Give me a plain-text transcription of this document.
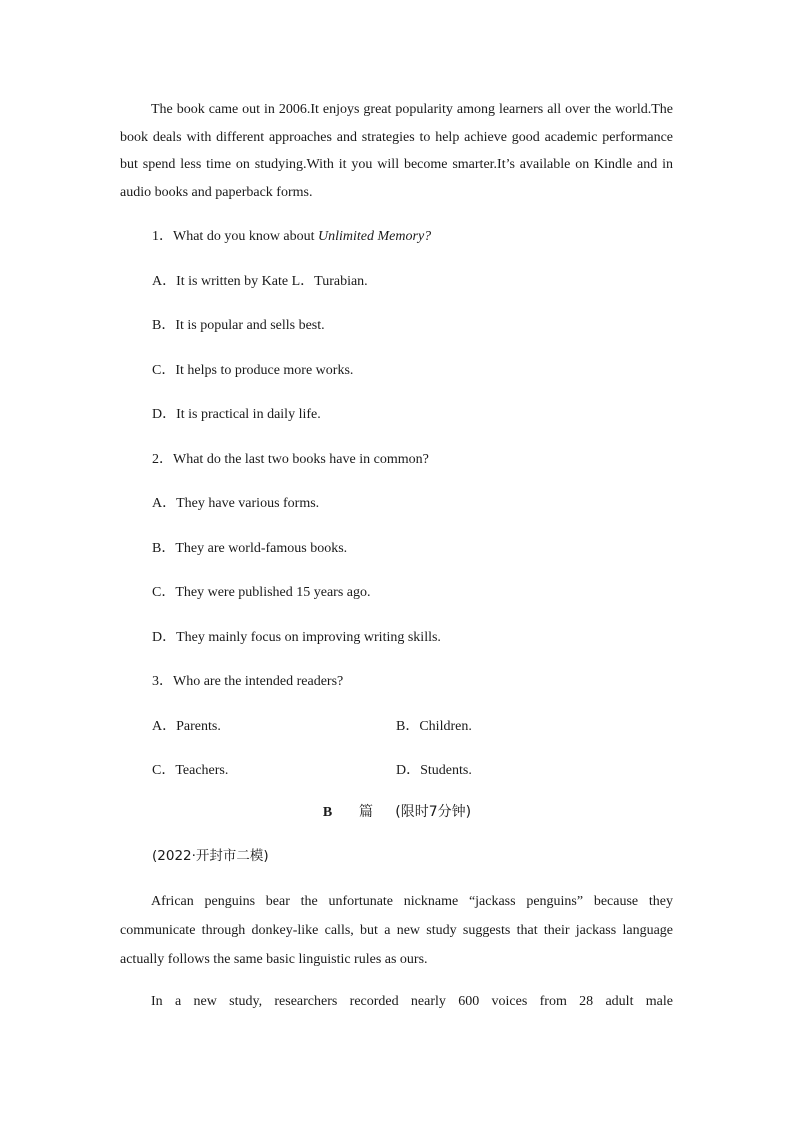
The book came out in 2006.It enjoys great popularity among learners all over the world.The book deals with different approaches and strategies to help achieve good academic performance but spend less time on studying.With it you will become smarter.It’s available on Kindle and in audio books and paperback forms.

1．What do you know about Unlimited Memory?

A．It is written by Kate L．Turabian.

B．It is popular and sells best.

C．It helps to produce more works.

D．It is practical in daily life.

2．What do the last two books have in common?

A．They have various forms.

B．They are world-famous books.

C．They were published 15 years ago.

D．They mainly focus on improving writing skills.

3．Who are the intended readers?

A．Parents.	B．Children.

C．Teachers.	D．Students.

B 篇 (限时7分钟)
(2022·开封市二模)

African penguins bear the unfortunate nickname “jackass penguins” because they communicate through donkey-like calls, but a new study suggests that their jackass language actually follows the same basic linguistic rules as ours.

In a new study, researchers recorded nearly 600 voices from 28 adult male
